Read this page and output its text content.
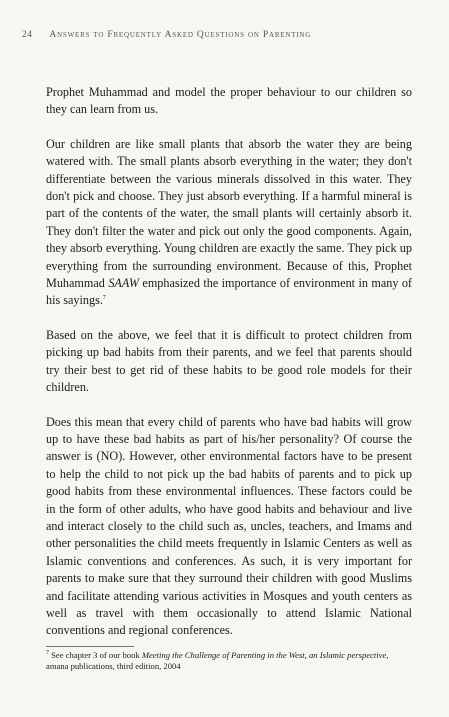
24 Answers to Frequently Asked Questions on Parenting

Prophet Muhammad and model the proper behaviour to our children so they can learn from us.

Our children are like small plants that absorb the water they are being watered with. The small plants absorb everything in the water; they don't differentiate between the various minerals dissolved in this water. They don't pick and choose. They just absorb everything. If a harmful mineral is part of the contents of the water, the small plants will certainly absorb it. They don't filter the water and pick out only the good components. Again, they absorb everything. Young children are exactly the same. They pick up everything from the surrounding environment. Because of this, Prophet Muhammad SAAW emphasized the importance of environment in many of his sayings.$^7$

Based on the above, we feel that it is difficult to protect children from picking up bad habits from their parents, and we feel that parents should try their best to get rid of these habits to be good role models for their children.

Does this mean that every child of parents who have bad habits will grow up to have these bad habits as part of his/her personality? Of course the answer is (NO). However, other environmental factors have to be present to help the child to not pick up the bad habits of parents and to pick up good habits from these environmental influences. These factors could be in the form of other adults, who have good habits and behaviour and live and interact closely to the child such as, uncles, teachers, and Imams and other personalities the child meets frequently in Islamic Centers as well as Islamic conventions and conferences. As such, it is very important for parents to make sure that they surround their children with good Muslims and facilitate attending various activities in Mosques and youth centers as well as travel with them occasionally to attend Islamic National conventions and regional conferences.

$^7$ See chapter 3 of our book Meeting the Challenge of Parenting in the West, an Islamic perspective, amana publications, third edition, 2004
